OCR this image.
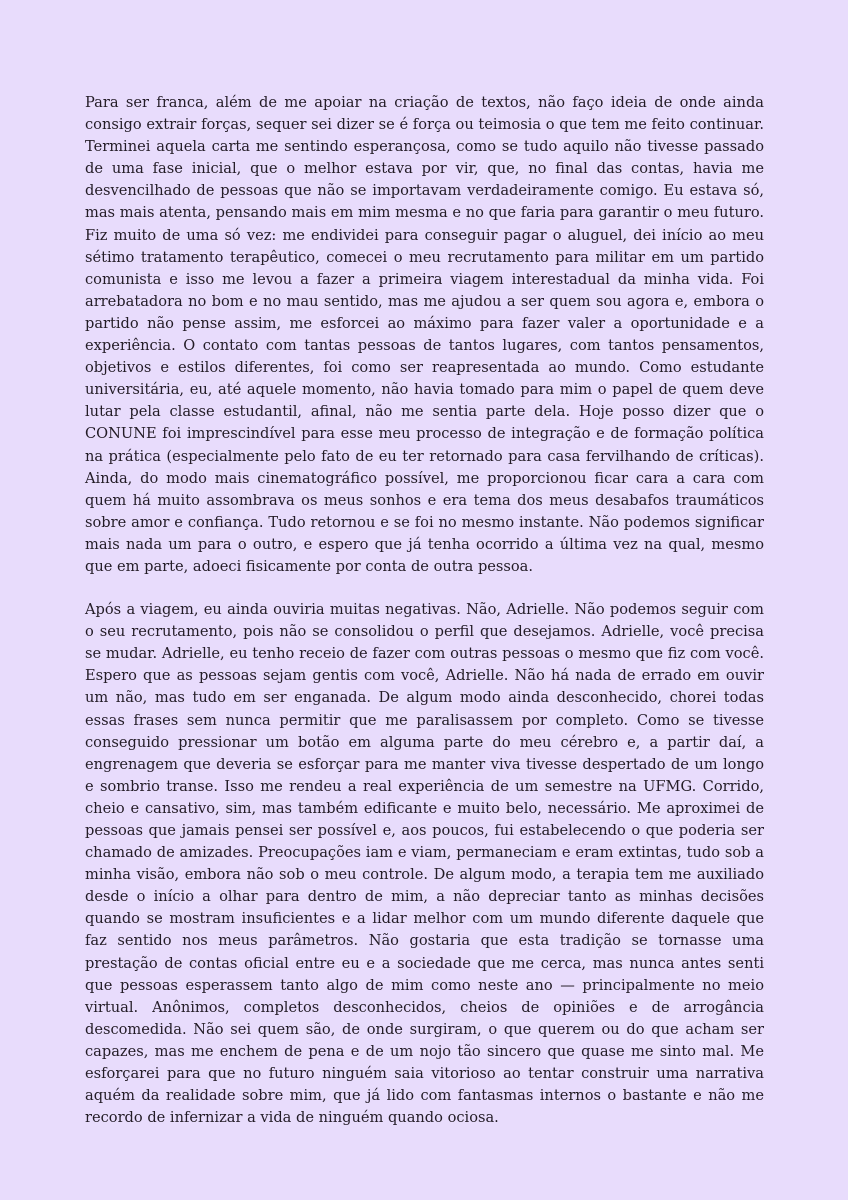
Para ser franca, além de me apoiar na criação de textos, não faço ideia de onde ainda consigo extrair forças, sequer sei dizer se é força ou teimosia o que tem me feito continuar. Terminei aquela carta me sentindo esperançosa, como se tudo aquilo não tivesse passado de uma fase inicial, que o melhor estava por vir, que, no final das contas, havia me desvencilhado de pessoas que não se importavam verdadeiramente comigo. Eu estava só, mas mais atenta, pensando mais em mim mesma e no que faria para garantir o meu futuro. Fiz muito de uma só vez: me endividei para conseguir pagar o aluguel, dei início ao meu sétimo tratamento terapêutico, comecei o meu recrutamento para militar em um partido comunista e isso me levou a fazer a primeira viagem interestadual da minha vida. Foi arrebatadora no bom e no mau sentido, mas me ajudou a ser quem sou agora e, embora o partido não pense assim, me esforcei ao máximo para fazer valer a oportunidade e a experiência. O contato com tantas pessoas de tantos lugares, com tantos pensamentos, objetivos e estilos diferentes, foi como ser reapresentada ao mundo. Como estudante universitária, eu, até aquele momento, não havia tomado para mim o papel de quem deve lutar pela classe estudantil, afinal, não me sentia parte dela. Hoje posso dizer que o CONUNE foi imprescindível para esse meu processo de integração e de formação política na prática (especialmente pelo fato de eu ter retornado para casa fervilhando de críticas). Ainda, do modo mais cinematográfico possível, me proporcionou ficar cara a cara com quem há muito assombrava os meus sonhos e era tema dos meus desabafos traumáticos sobre amor e confiança. Tudo retornou e se foi no mesmo instante. Não podemos significar mais nada um para o outro, e espero que já tenha ocorrido a última vez na qual, mesmo que em parte, adoeci fisicamente por conta de outra pessoa.

Após a viagem, eu ainda ouviria muitas negativas. Não, Adrielle. Não podemos seguir com o seu recrutamento, pois não se consolidou o perfil que desejamos. Adrielle, você precisa se mudar. Adrielle, eu tenho receio de fazer com outras pessoas o mesmo que fiz com você. Espero que as pessoas sejam gentis com você, Adrielle. Não há nada de errado em ouvir um não, mas tudo em ser enganada. De algum modo ainda desconhecido, chorei todas essas frases sem nunca permitir que me paralisassem por completo. Como se tivesse conseguido pressionar um botão em alguma parte do meu cérebro e, a partir daí, a engrenagem que deveria se esforçar para me manter viva tivesse despertado de um longo e sombrio transe. Isso me rendeu a real experiência de um semestre na UFMG. Corrido, cheio e cansativo, sim, mas também edificante e muito belo, necessário. Me aproximei de pessoas que jamais pensei ser possível e, aos poucos, fui estabelecendo o que poderia ser chamado de amizades. Preocupações iam e viam, permaneciam e eram extintas, tudo sob a minha visão, embora não sob o meu controle. De algum modo, a terapia tem me auxiliado desde o início a olhar para dentro de mim, a não depreciar tanto as minhas decisões quando se mostram insuficientes e a lidar melhor com um mundo diferente daquele que faz sentido nos meus parâmetros. Não gostaria que esta tradição se tornasse uma prestação de contas oficial entre eu e a sociedade que me cerca, mas nunca antes senti que pessoas esperassem tanto algo de mim como neste ano — principalmente no meio virtual. Anônimos, completos desconhecidos, cheios de opiniões e de arrogância descomedida. Não sei quem são, de onde surgiram, o que querem ou do que acham ser capazes, mas me enchem de pena e de um nojo tão sincero que quase me sinto mal. Me esforçarei para que no futuro ninguém saia vitorioso ao tentar construir uma narrativa aquém da realidade sobre mim, que já lido com fantasmas internos o bastante e não me recordo de infernizar a vida de ninguém quando ociosa.
